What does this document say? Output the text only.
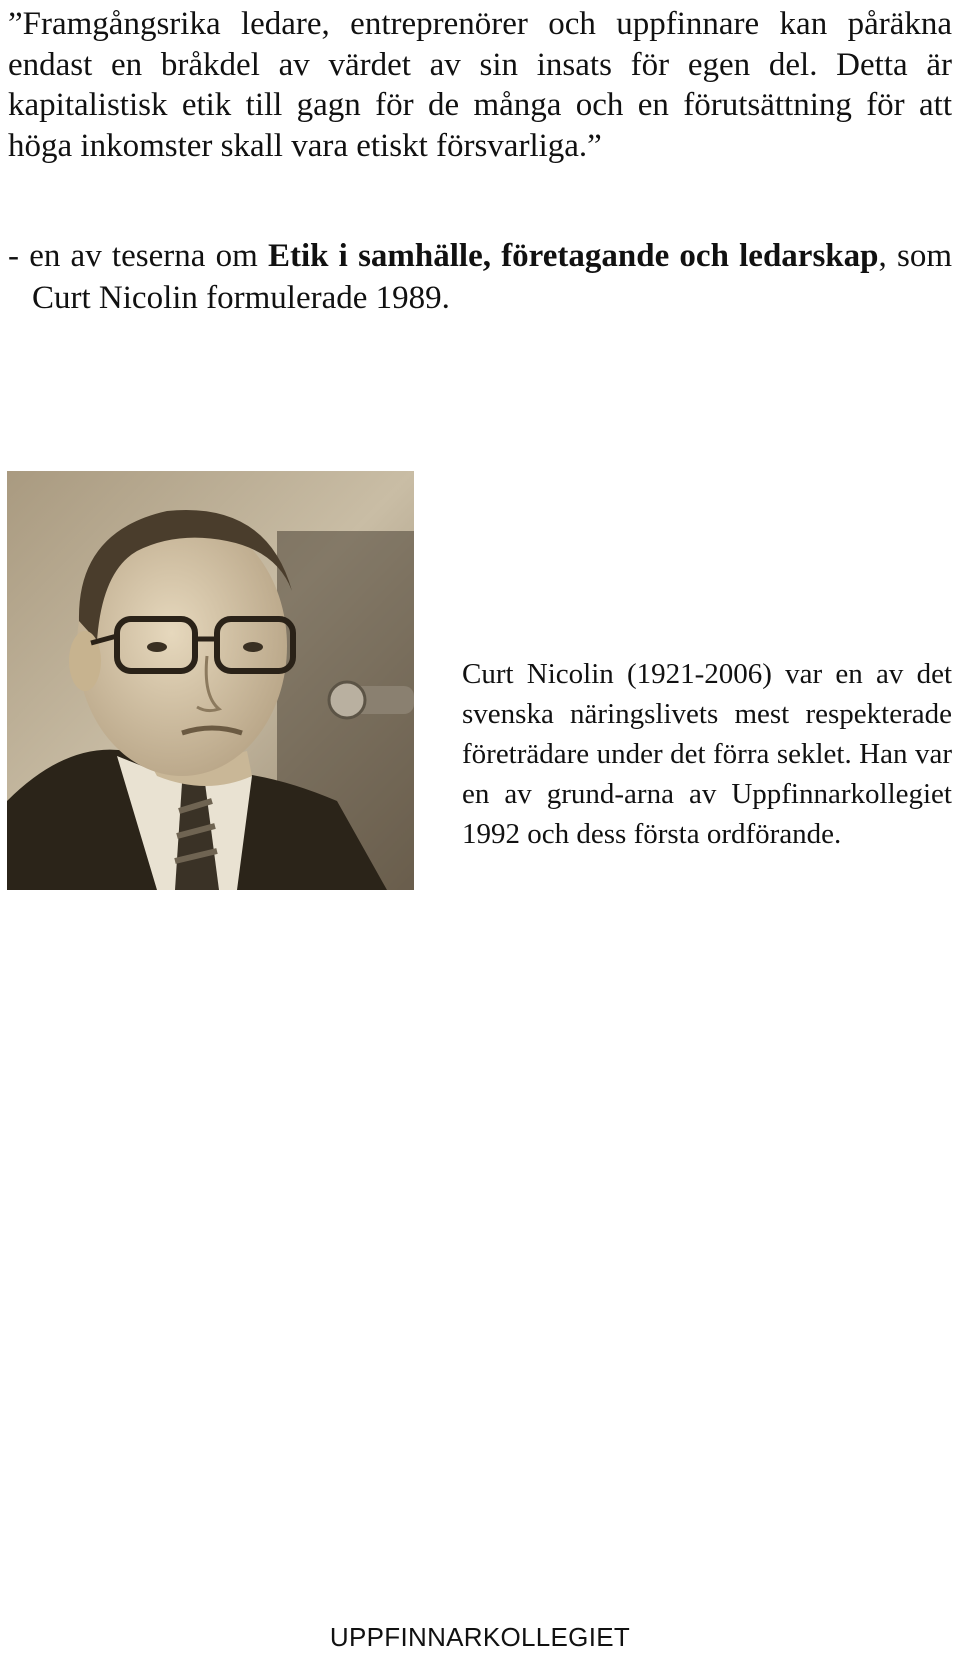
”Framgångsrika ledare, entreprenörer och uppfinnare kan påräkna endast en bråkdel av värdet av sin insats för egen del. Detta är kapitalistisk etik till gagn för de många och en förutsättning för att höga inkomster skall vara etiskt försvarliga.”

- en av teserna om Etik i samhälle, företagande och ledarskap, som Curt Nicolin formulerade 1989.

Curt Nicolin (1921-2006) var en av det svenska näringslivets mest respekterade företrädare under det förra seklet. Han var en av grund-arna av Uppfinnarkollegiet 1992 och dess första ordförande.

UPPFINNARKOLLEGIET
